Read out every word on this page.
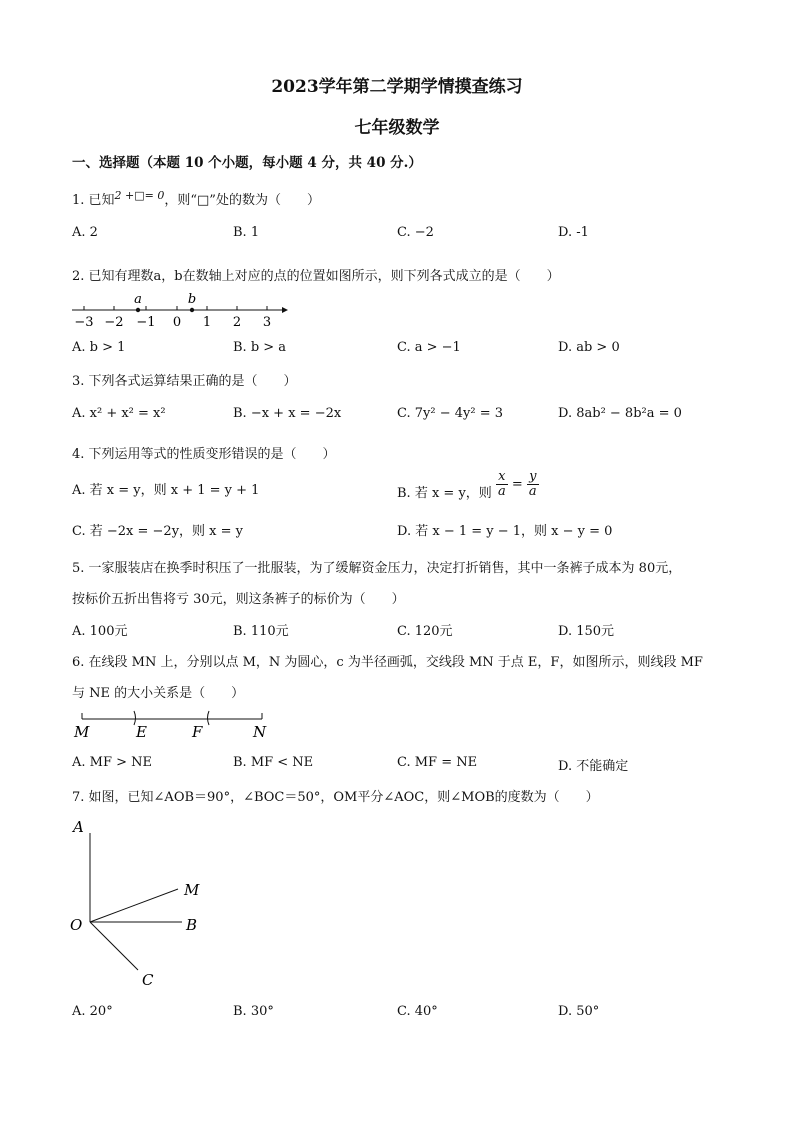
2023学年第二学期学情摸查练习
七年级数学
一、选择题（本题 10 个小题，每小题 4 分，共 40 分.）
1. 已知$^{2 +□= 0}$，则“□”处的数为（　　）
A. 2	B. 1	C. −2	D. -1
2. 已知有理数a，b在数轴上对应的点的位置如图所示，则下列各式成立的是（　　）
−3 −2 −1 0 1 2 3
a	b
A. b > 1	B. b > a	C. a > −1	D. ab > 0
3. 下列各式运算结果正确的是（　　）
A. x² + x² = x²	B. −x + x = −2x	C. 7y² − 4y² = 3	D. 8ab² − 8b²a = 0
4. 下列运用等式的性质变形错误的是（　　）
A. 若 x = y，则 x + 1 = y + 1	B. 若 x = y，则 $\frac{x}{a} = \frac{y}{a}$
C. 若 −2x = −2y，则 x = y	D. 若 x − 1 = y − 1，则 x − y = 0
5. 一家服装店在换季时积压了一批服装，为了缓解资金压力，决定打折销售，其中一条裤子成本为 80元，
按标价五折出售将亏 30元，则这条裤子的标价为（　　）
A. 100元	B. 110元	C. 120元	D. 150元
6. 在线段 MN 上，分别以点 M，N 为圆心，c 为半径画弧，交线段 MN 于点 E，F，如图所示，则线段 MF
与 NE 的大小关系是（　　）
M	E	F	N
A. MF > NE	B. MF < NE	C. MF = NE	D. 不能确定
7. 如图，已知∠AOB＝90°，∠BOC＝50°，OM平分∠AOC，则∠MOB的度数为（　　）
A
M
O	B
C
A. 20°	B. 30°	C. 40°	D. 50°
